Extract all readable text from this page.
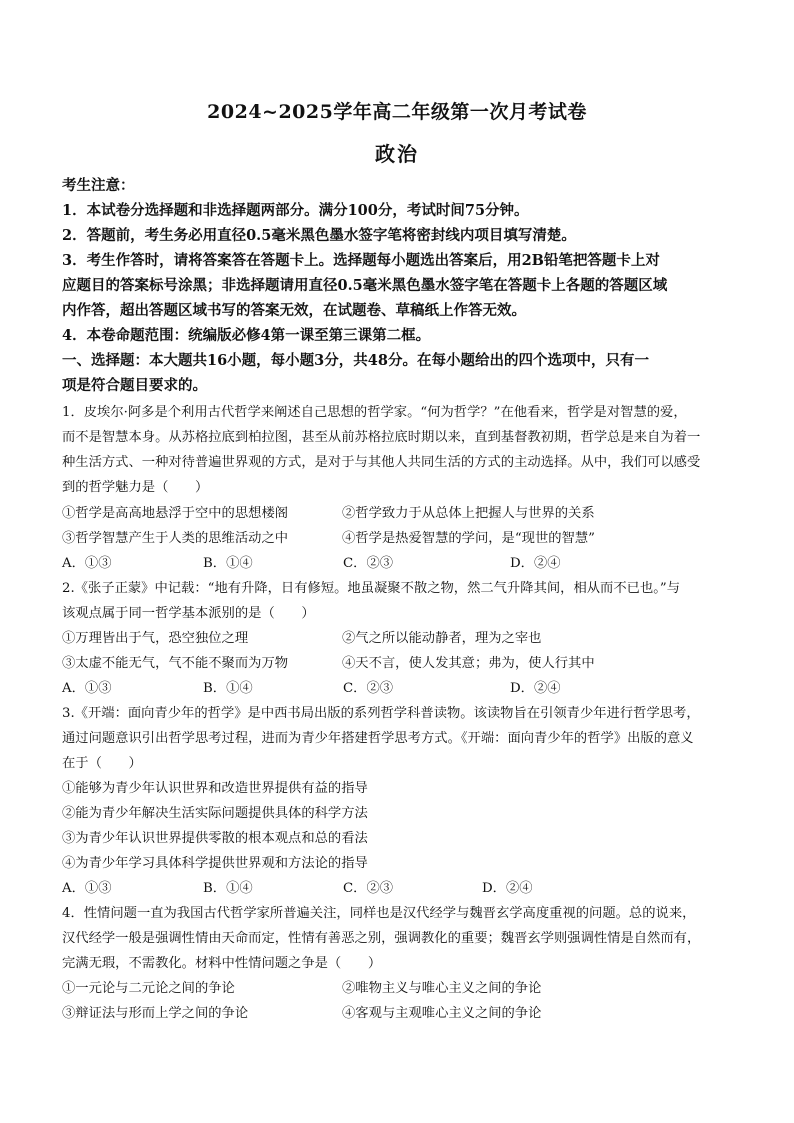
2024~2025学年高二年级第一次月考试卷
政治
考生注意：
1．本试卷分选择题和非选择题两部分。满分100分，考试时间75分钟。
2．答题前，考生务必用直径0.5毫米黑色墨水签字笔将密封线内项目填写清楚。
3．考生作答时，请将答案答在答题卡上。选择题每小题选出答案后，用2B铅笔把答题卡上对
应题目的答案标号涂黑；非选择题请用直径0.5毫米黑色墨水签字笔在答题卡上各题的答题区域
内作答，超出答题区域书写的答案无效，在试题卷、草稿纸上作答无效。
4．本卷命题范围：统编版必修4第一课至第三课第二框。
一、选择题：本大题共16小题，每小题3分，共48分。在每小题给出的四个选项中，只有一
项是符合题目要求的。
1．皮埃尔·阿多是个利用古代哲学来阐述自己思想的哲学家。“何为哲学？”在他看来，哲学是对智慧的爱，
而不是智慧本身。从苏格拉底到柏拉图，甚至从前苏格拉底时期以来，直到基督教初期，哲学总是来自为着一
种生活方式、一种对待普遍世界观的方式，是对于与其他人共同生活的方式的主动选择。从中，我们可以感受
到的哲学魅力是（　　）
①哲学是高高地悬浮于空中的思想楼阁	②哲学致力于从总体上把握人与世界的关系
③哲学智慧产生于人类的思维活动之中	④哲学是热爱智慧的学问，是“现世的智慧”
A．①③	B．①④	C．②③	D．②④
2.《张子正蒙》中记载：“地有升降，日有修短。地虽凝聚不散之物，然二气升降其间，相从而不已也。”与
该观点属于同一哲学基本派别的是（　　）
①万理皆出于气，恐空独位之理	②气之所以能动静者，理为之宰也
③太虚不能无气，气不能不聚而为万物	④天不言，使人发其意；弗为，使人行其中
A．①③	B．①④	C．②③	D．②④
3.《开端：面向青少年的哲学》是中西书局出版的系列哲学科普读物。该读物旨在引领青少年进行哲学思考，
通过问题意识引出哲学思考过程，进而为青少年搭建哲学思考方式。《开端：面向青少年的哲学》出版的意义
在于（　　）
①能够为青少年认识世界和改造世界提供有益的指导
②能为青少年解决生活实际问题提供具体的科学方法
③为青少年认识世界提供零散的根本观点和总的看法
④为青少年学习具体科学提供世界观和方法论的指导
A．①③	B．①④	C．②③	D．②④
4．性情问题一直为我国古代哲学家所普遍关注，同样也是汉代经学与魏晋玄学高度重视的问题。总的说来，
汉代经学一般是强调性情由天命而定，性情有善恶之别，强调教化的重要；魏晋玄学则强调性情是自然而有，
完满无瑕，不需教化。材料中性情问题之争是（　　）
①一元论与二元论之间的争论	②唯物主义与唯心主义之间的争论
③辩证法与形而上学之间的争论	④客观与主观唯心主义之间的争论
